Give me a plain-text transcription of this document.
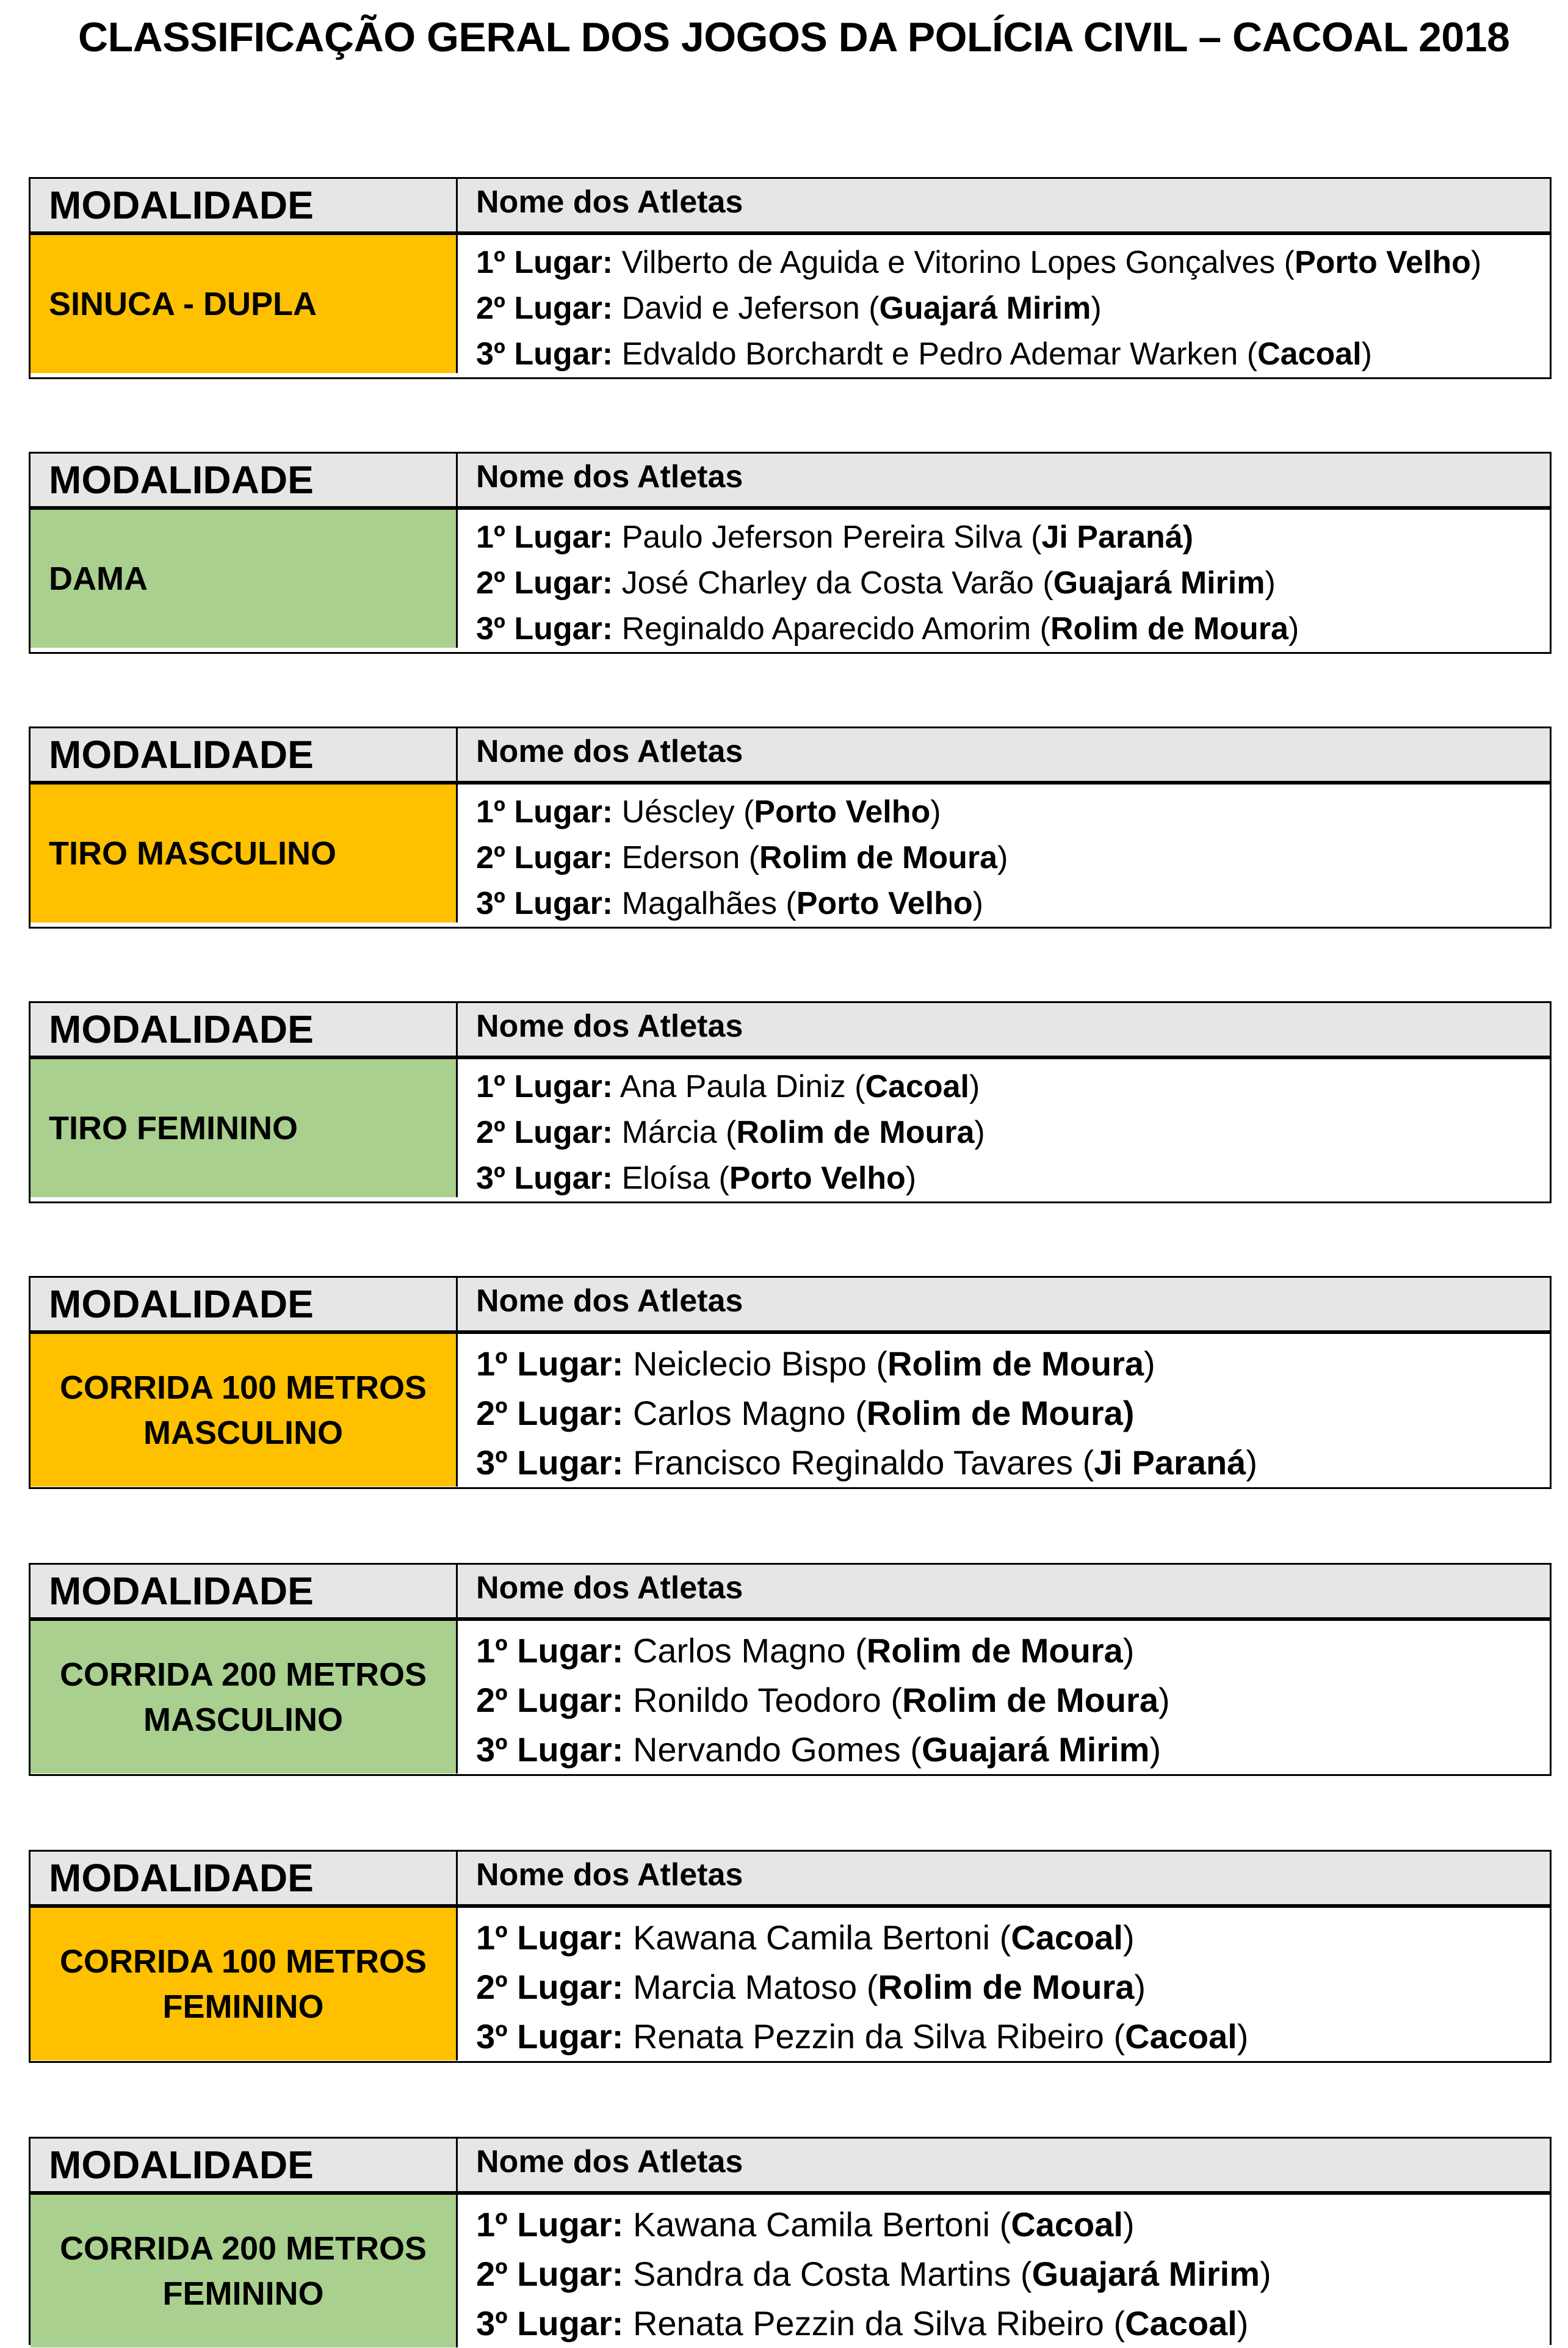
CLASSIFICAÇÃO GERAL DOS JOGOS DA POLÍCIA CIVIL – CACOAL 2018
MODALIDADE	Nome dos Atletas
SINUCA - DUPLA
1º Lugar: Vilberto de Aguida e Vitorino Lopes Gonçalves (Porto Velho)
2º Lugar: David e Jeferson (Guajará Mirim)
3º Lugar: Edvaldo Borchardt e Pedro Ademar Warken (Cacoal)
MODALIDADE	Nome dos Atletas
DAMA
1º Lugar: Paulo Jeferson Pereira Silva (Ji Paraná)
2º Lugar: José Charley da Costa Varão (Guajará Mirim)
3º Lugar: Reginaldo Aparecido Amorim (Rolim de Moura)
MODALIDADE	Nome dos Atletas
TIRO MASCULINO
1º Lugar: Uéscley (Porto Velho)
2º Lugar: Ederson (Rolim de Moura)
3º Lugar: Magalhães (Porto Velho)
MODALIDADE	Nome dos Atletas
TIRO FEMININO
1º Lugar: Ana Paula Diniz (Cacoal)
2º Lugar: Márcia (Rolim de Moura)
3º Lugar: Eloísa (Porto Velho)
MODALIDADE	Nome dos Atletas
CORRIDA 100 METROS
MASCULINO
1º Lugar: Neiclecio Bispo (Rolim de Moura)
2º Lugar: Carlos Magno (Rolim de Moura)
3º Lugar: Francisco Reginaldo Tavares (Ji Paraná)
MODALIDADE	Nome dos Atletas
CORRIDA 200 METROS
MASCULINO
1º Lugar: Carlos Magno (Rolim de Moura)
2º Lugar: Ronildo Teodoro (Rolim de Moura)
3º Lugar: Nervando Gomes (Guajará Mirim)
MODALIDADE	Nome dos Atletas
CORRIDA 100 METROS
FEMININO
1º Lugar: Kawana Camila Bertoni (Cacoal)
2º Lugar: Marcia Matoso (Rolim de Moura)
3º Lugar: Renata Pezzin da Silva Ribeiro (Cacoal)
MODALIDADE	Nome dos Atletas
CORRIDA 200 METROS
FEMININO
1º Lugar: Kawana Camila Bertoni (Cacoal)
2º Lugar: Sandra da Costa Martins (Guajará Mirim)
3º Lugar: Renata Pezzin da Silva Ribeiro (Cacoal)
